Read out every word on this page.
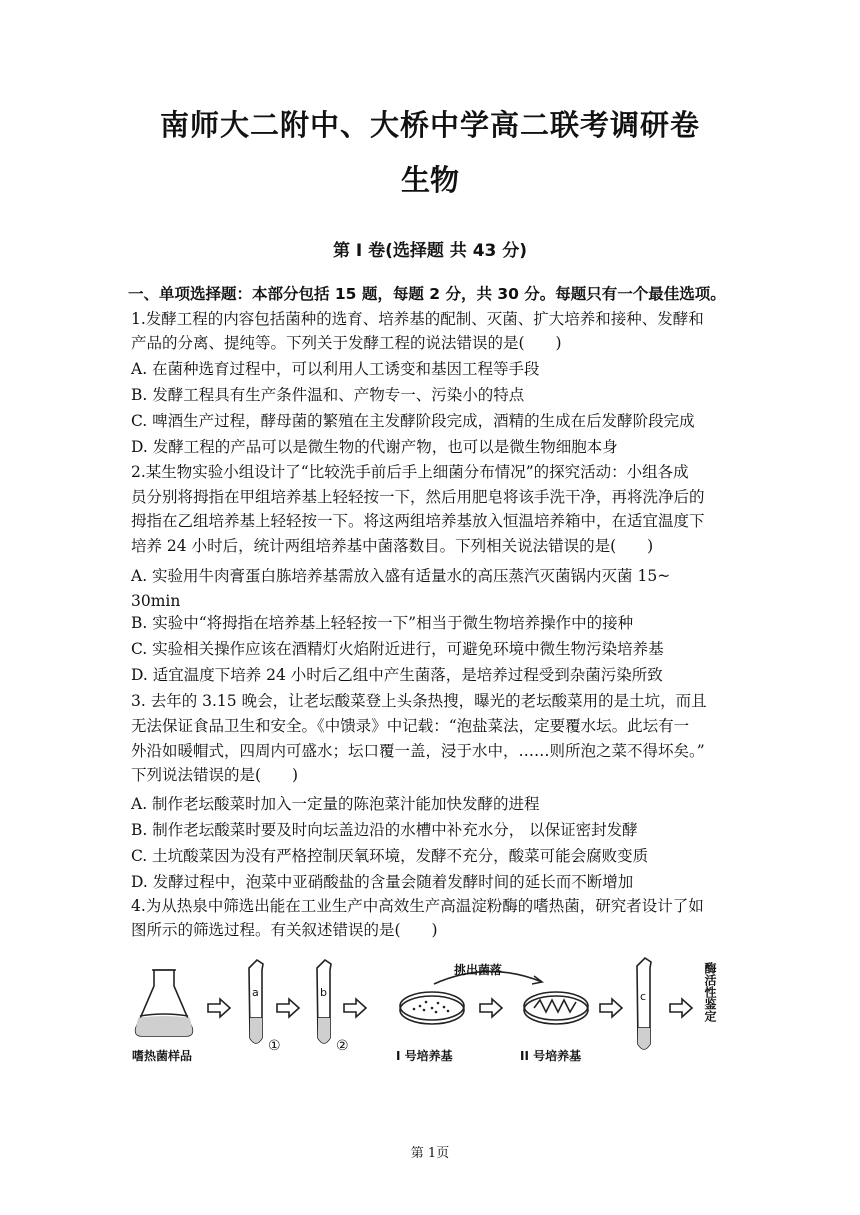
南师大二附中、大桥中学高二联考调研卷
生物
第 I 卷(选择题 共 43 分)
一、单项选择题：本部分包括 15 题，每题 2 分，共 30 分。每题只有一个最佳选项。
1.发酵工程的内容包括菌种的选育、培养基的配制、灭菌、扩大培养和接种、发酵和
产品的分离、提纯等。下列关于发酵工程的说法错误的是(　　)
A. 在菌种选育过程中，可以利用人工诱变和基因工程等手段
B. 发酵工程具有生产条件温和、产物专一、污染小的特点
C. 啤酒生产过程，酵母菌的繁殖在主发酵阶段完成，酒精的生成在后发酵阶段完成
D. 发酵工程的产品可以是微生物的代谢产物，也可以是微生物细胞本身
2.某生物实验小组设计了“比较洗手前后手上细菌分布情况”的探究活动：小组各成
员分别将拇指在甲组培养基上轻轻按一下，然后用肥皂将该手洗干净，再将洗净后的
拇指在乙组培养基上轻轻按一下。将这两组培养基放入恒温培养箱中，在适宜温度下
培养 24 小时后，统计两组培养基中菌落数目。下列相关说法错误的是(　　)
A. 实验用牛肉膏蛋白胨培养基需放入盛有适量水的高压蒸汽灭菌锅内灭菌 15~
30min
B. 实验中“将拇指在培养基上轻轻按一下”相当于微生物培养操作中的接种
C. 实验相关操作应该在酒精灯火焰附近进行，可避免环境中微生物污染培养基
D. 适宜温度下培养 24 小时后乙组中产生菌落，是培养过程受到杂菌污染所致
3. 去年的 3.15 晚会，让老坛酸菜登上头条热搜，曝光的老坛酸菜用的是土坑，而且
无法保证食品卫生和安全。《中馈录》中记载：“泡盐菜法，定要覆水坛。此坛有一
外沿如暖帽式，四周内可盛水；坛口覆一盖，浸于水中，……则所泡之菜不得坏矣。”
下列说法错误的是(　　)
A. 制作老坛酸菜时加入一定量的陈泡菜汁能加快发酵的进程
B. 制作老坛酸菜时要及时向坛盖边沿的水槽中补充水分， 以保证密封发酵
C. 土坑酸菜因为没有严格控制厌氧环境，发酵不充分，酸菜可能会腐败变质
D. 发酵过程中，泡菜中亚硝酸盐的含量会随着发酵时间的延长而不断增加
4.为从热泉中筛选出能在工业生产中高效生产高温淀粉酶的嗜热菌，研究者设计了如
图所示的筛选过程。有关叙述错误的是(　　)
a	b	c
①	②
挑出菌落
嗜热菌样品	I 号培养基	II 号培养基
酶活性鉴定
第 1页
